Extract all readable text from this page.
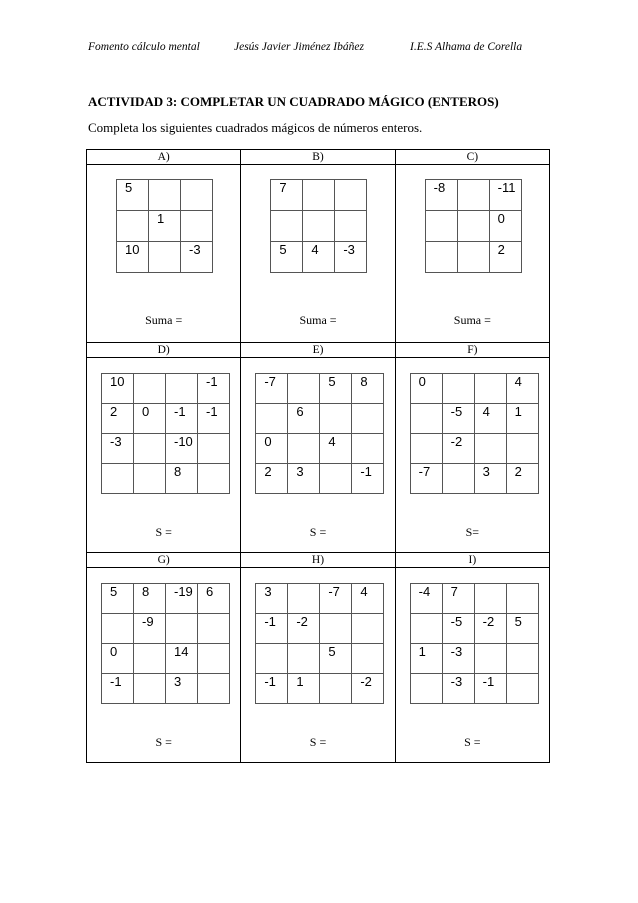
Fomento cálculo mental	Jesús Javier Jiménez Ibáñez	I.E.S Alhama de Corella
ACTIVIDAD 3: COMPLETAR UN CUADRADO MÁGICO (ENTEROS)
Completa los siguientes cuadrados mágicos de números enteros.
A)	B)	C)

5		
	1	
10		-3
Suma =

7		

5	4	-3
Suma =

-8		-11
		0
		2
Suma =

D)	E)	F)

10			-1
2	0	-1	-1
-3		-10	
		8	
S =

-7		5	8
	6		
0		4	
2	3		-1
S =

0			4
	-5	4	1
	-2		
-7		3	2
S=

G)	H)	I)

5	8	-19	6
	-9		
0		14	
-1		3	
S =

3		-7	4
-1	-2		
		5	
-1	1		-2
S =

-4	7		
	-5	-2	5
1	-3		
	-3	-1	
S =
